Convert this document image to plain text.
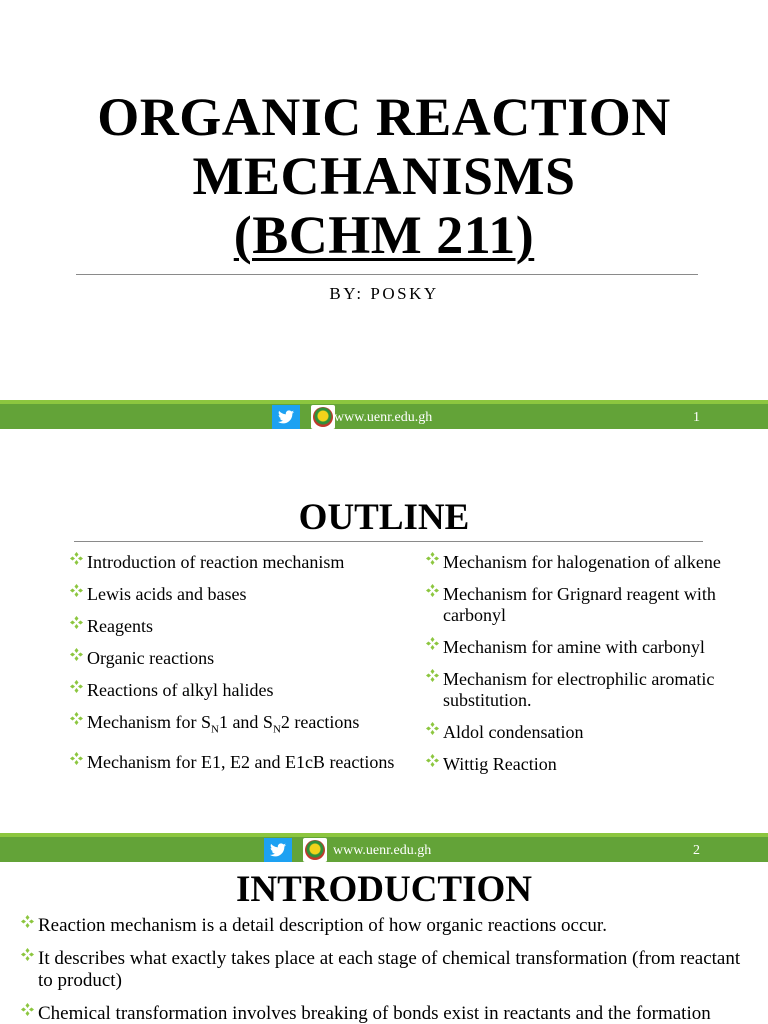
ORGANIC REACTION
MECHANISMS
(BCHM 211)
BY: POSKY
www.uenr.edu.gh	1
OUTLINE
Introduction of reaction mechanism
Lewis acids and bases
Reagents
Organic reactions
Reactions of alkyl halides
Mechanism for $S_N1$ and $S_N2$ reactions
Mechanism for E1, E2 and E1cB reactions
Mechanism for halogenation of alkene
Mechanism for Grignard reagent with carbonyl
Mechanism for amine with carbonyl
Mechanism for electrophilic aromatic substitution.
Aldol condensation
Wittig Reaction
www.uenr.edu.gh	2
INTRODUCTION
Reaction mechanism is a detail description of how organic reactions occur.
It describes what exactly takes place at each stage of chemical transformation (from reactant to product)
Chemical transformation involves breaking of bonds exist in reactants and the formation
